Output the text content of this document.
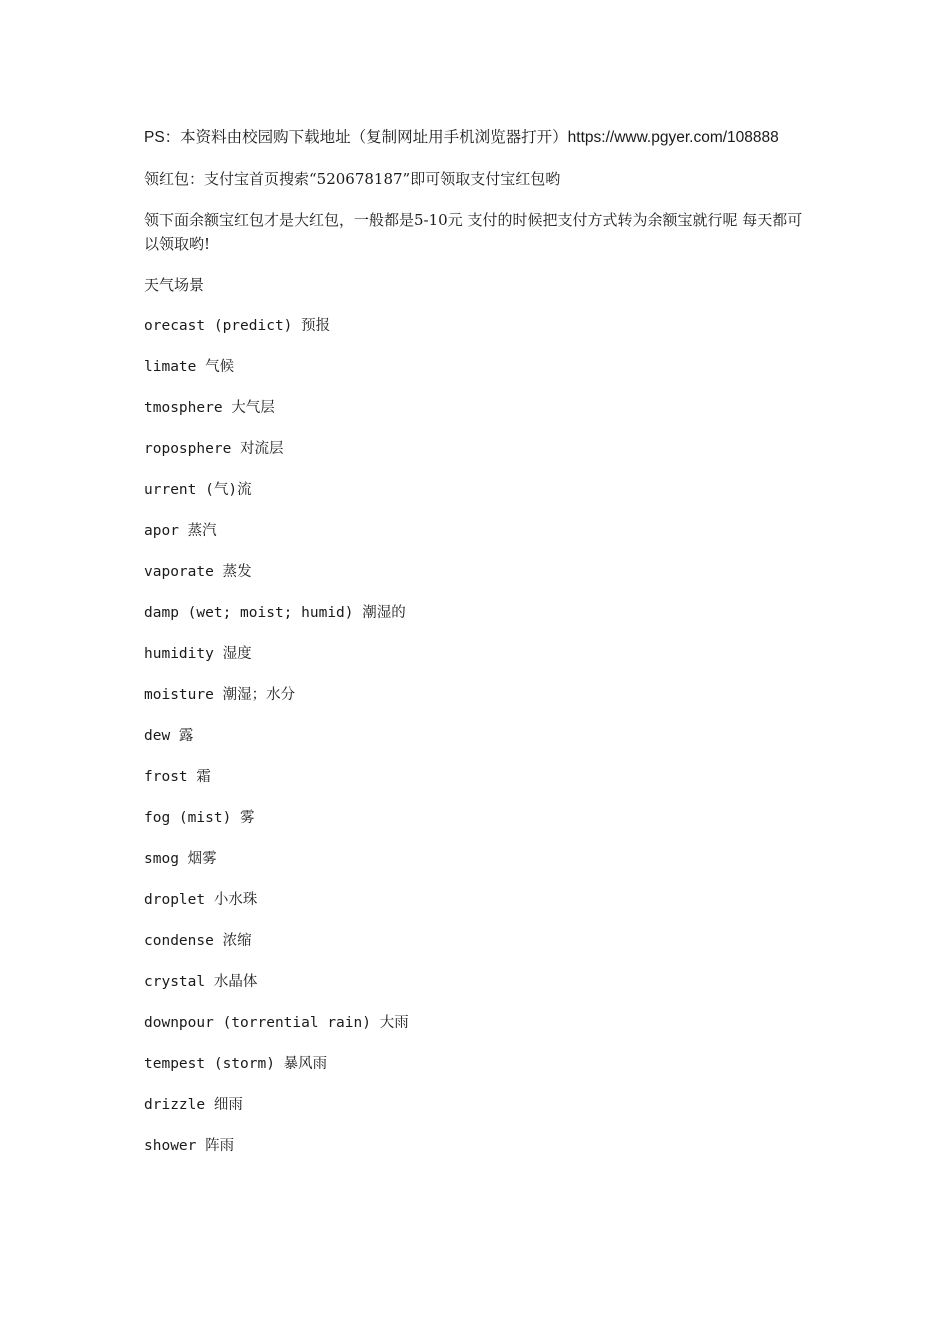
PS：本资料由校园购下载地址（复制网址用手机浏览器打开）https://www.pgyer.com/108888

领红包：支付宝首页搜索“520678187”即可领取支付宝红包哟

领下面余额宝红包才是大红包，一般都是5-10元 支付的时候把支付方式转为余额宝就行呢 每天都可以领取哟!

天气场景

orecast (predict) 预报
limate 气候
tmosphere 大气层
roposphere 对流层
urrent (气)流
apor 蒸汽
vaporate 蒸发
damp (wet; moist; humid) 潮湿的
humidity 湿度
moisture 潮湿；水分
dew 露
frost 霜
fog (mist) 雾
smog 烟雾
droplet 小水珠
condense 浓缩
crystal 水晶体
downpour (torrential rain) 大雨
tempest (storm) 暴风雨
drizzle 细雨
shower 阵雨
